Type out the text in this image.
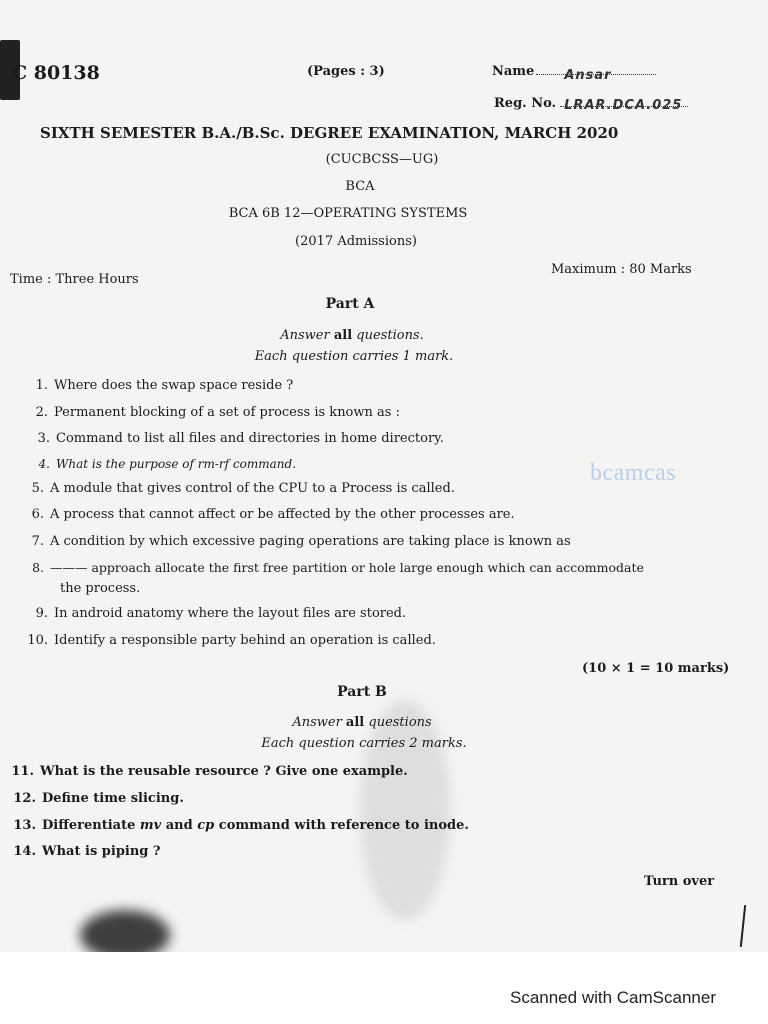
C 80138	(Pages : 3)	Name Ansar
Reg. No. LRAR.DCA.025
SIXTH SEMESTER B.A./B.Sc. DEGREE EXAMINATION, MARCH 2020
(CUCBCSS—UG)
BCA
BCA 6B 12—OPERATING SYSTEMS
(2017 Admissions)
Time : Three Hours
Maximum : 80 Marks
Part A
Answer all questions.
Each question carries 1 mark.
1. Where does the swap space reside ?
2. Permanent blocking of a set of process is known as :
3. Command to list all files and directories in home directory.
4. What is the purpose of rm-rf command.
5. A module that gives control of the CPU to a Process is called.
6. A process that cannot affect or be affected by the other processes are.
7. A condition by which excessive paging operations are taking place is known as
8. ——— approach allocate the first free partition or hole large enough which can accommodate
the process.
9. In android anatomy where the layout files are stored.
10. Identify a responsible party behind an operation is called.
(10 × 1 = 10 marks)
Part B
Answer all questions
Each question carries 2 marks.
11. What is the reusable resource ? Give one example.
12. Define time slicing.
13. Differentiate mv and cp command with reference to inode.
14. What is piping ?
Turn over
bcamcas
Scanned with CamScanner
